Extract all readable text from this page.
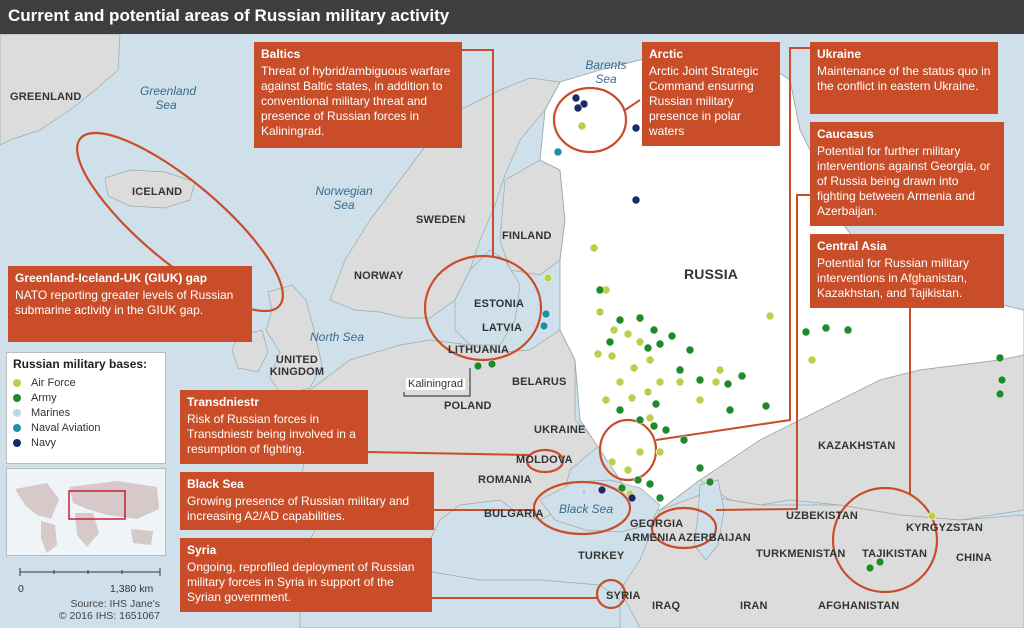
Current and potential areas of Russian military activity
GREENLAND	Greenland Sea
ICELAND	Norwegian Sea
North Sea
Barents Sea
Black Sea
SWEDEN
FINLAND
NORWAY	RUSSIA
ESTONIA
LATVIA
LITHUANIA
Kaliningrad	BELARUS
POLAND
UNITED KINGDOM
UKRAINE
MOLDOVA
ROMANIA
BULGARIA
TURKEY
GEORGIA
ARMENIA AZERBAIJAN
KAZAKHSTAN
UZBEKISTAN
KYRGYZSTAN
TURKMENISTAN TAJIKISTAN	CHINA
AFGHANISTAN
IRAN
IRAQ
SYRIA
Baltics

Threat of hybrid/ambiguous warfare against Baltic states, in addition to conventional military threat and presence of Russian forces in Kaliningrad.

Arctic

Arctic Joint Strategic Command ensuring Russian military presence in polar waters

Ukraine

Maintenance of the status quo in the conflict in eastern Ukraine.

Caucasus

Potential for further military interventions against Georgia, or of Russia being drawn into fighting between Armenia and Azerbaijan.

Central Asia

Potential for Russian military interventions in Afghanistan, Kazakhstan, and Tajikistan.

Greenland-Iceland-UK (GIUK) gap

NATO reporting greater levels of Russian submarine activity in the GIUK gap.

Transdniestr

Risk of Russian forces in Transdniestr being involved in a resumption of fighting.

Black Sea

Growing presence of Russian military and increasing A2/AD capabilities.

Syria

Ongoing, reprofiled deployment of Russian military forces in Syria in support of the Syrian government.

Russian military bases:
Air Force
Army
Marines
Naval Aviation
Navy
0	1,380 km
Source: IHS Jane's
© 2016 IHS: 1651067
